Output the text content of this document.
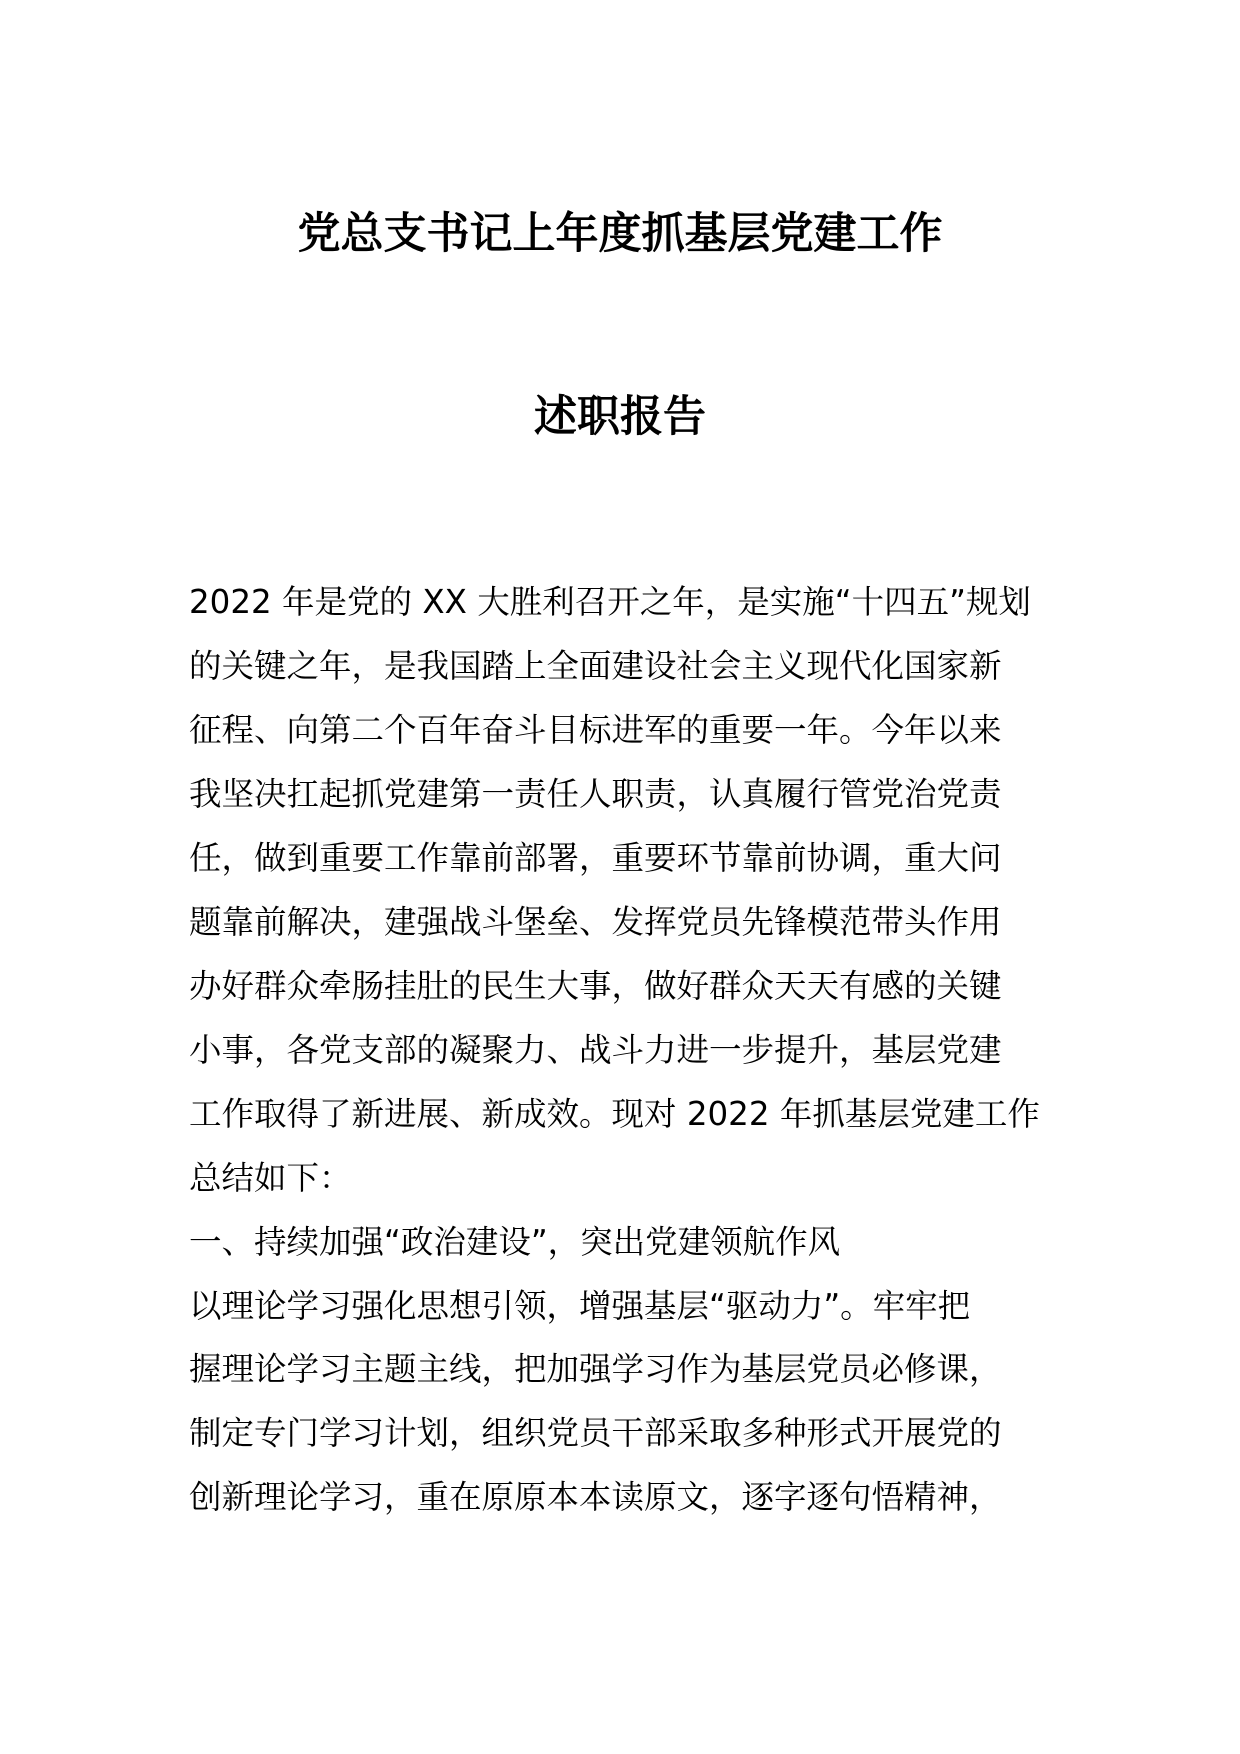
党总支书记上年度抓基层党建工作
述职报告

2022 年是党的 XX 大胜利召开之年，是实施“十四五”规划

的关键之年，是我国踏上全面建设社会主义现代化国家新

征程、向第二个百年奋斗目标进军的重要一年。今年以来

我坚决扛起抓党建第一责任人职责，认真履行管党治党责

任，做到重要工作靠前部署，重要环节靠前协调，重大问

题靠前解决，建强战斗堡垒、发挥党员先锋模范带头作用

办好群众牵肠挂肚的民生大事，做好群众天天有感的关键

小事，各党支部的凝聚力、战斗力进一步提升，基层党建

工作取得了新进展、新成效。现对 2022 年抓基层党建工作

总结如下：

一、持续加强“政治建设”，突出党建领航作风

以理论学习强化思想引领，增强基层“驱动力”。牢牢把

握理论学习主题主线，把加强学习作为基层党员必修课，

制定专门学习计划，组织党员干部采取多种形式开展党的

创新理论学习，重在原原本本读原文，逐字逐句悟精神，
